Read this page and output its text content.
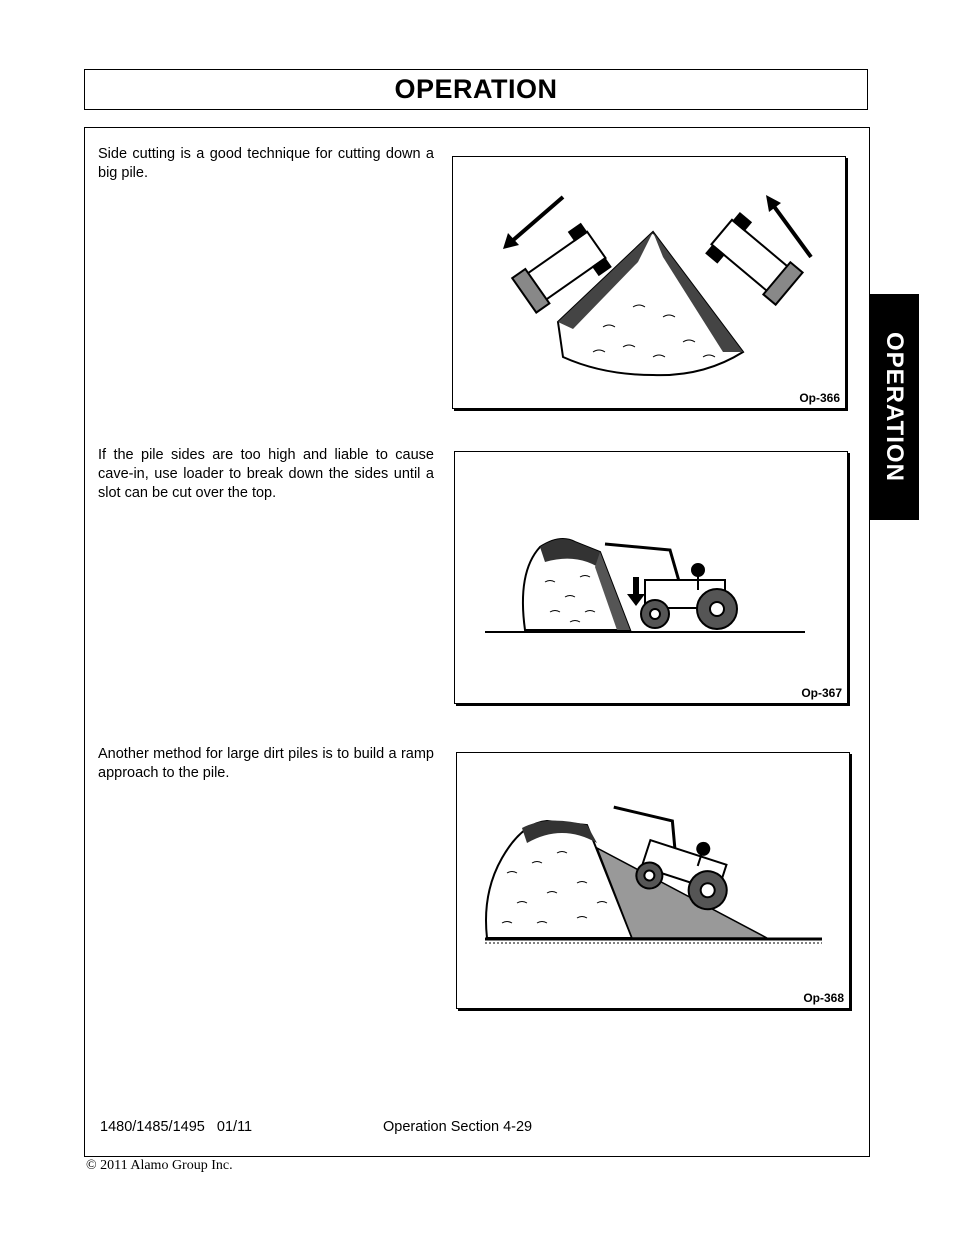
OPERATION
OPERATION

Side cutting is a good technique for cutting down a big pile.

Op-366

If the pile sides are too high and liable to cause cave-in, use loader to break down the sides until a slot can be cut over the top.

Op-367

Another method for large dirt piles is to build a ramp approach to the pile.

Op-368
1480/1485/1495   01/11	Operation Section 4-29
© 2011 Alamo Group Inc.
